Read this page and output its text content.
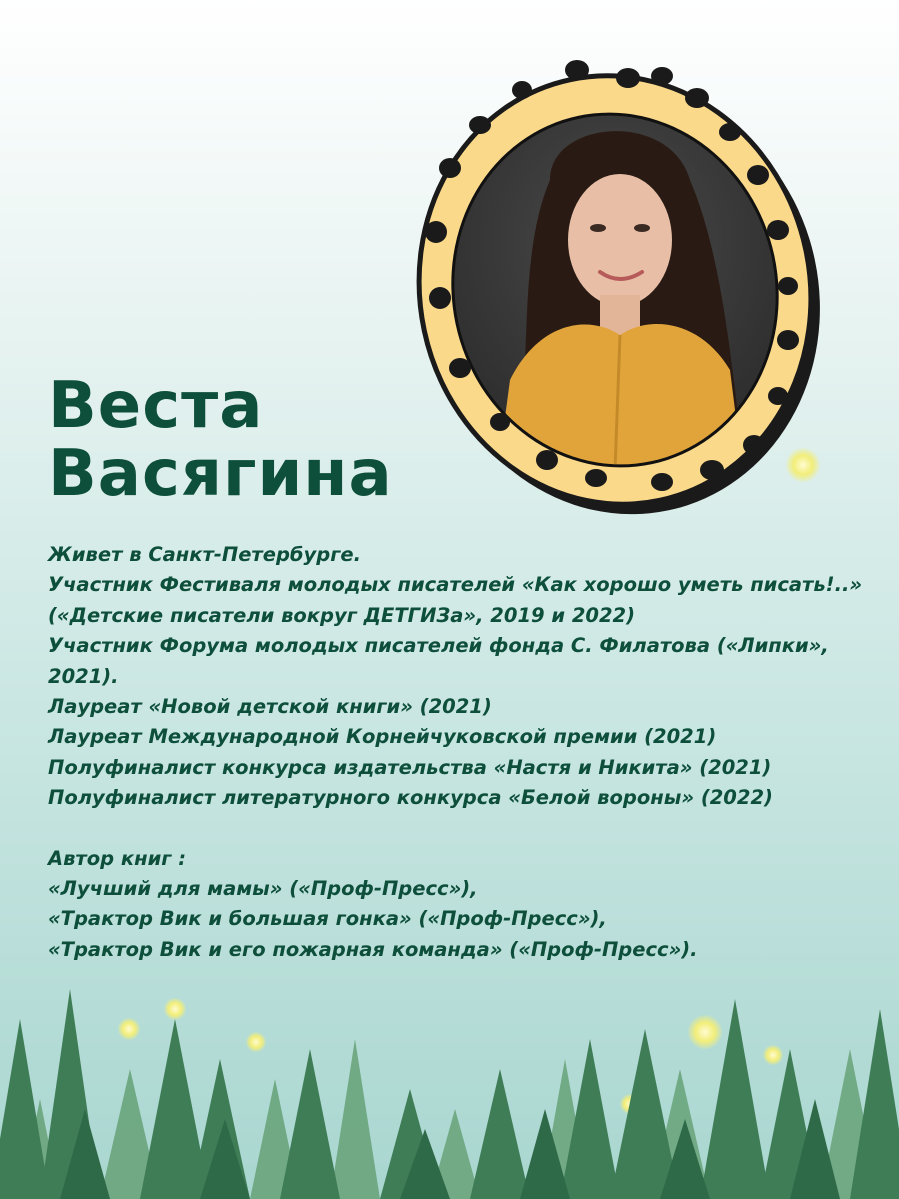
Веста
Васягина

Живет в Санкт-Петербурге.

Участник Фестиваля молодых писателей «Как хорошо уметь писать!..» («Детские писатели вокруг ДЕТГИЗа», 2019 и 2022)

Участник Форума молодых писателей фонда С. Филатова («Липки», 2021).

Лауреат «Новой детской книги» (2021)

Лауреат Международной Корнейчуковской премии (2021)

Полуфиналист конкурса издательства «Настя и Никита» (2021)

Полуфиналист литературного конкурса «Белой вороны» (2022)

Автор книг :

«Лучший для мамы» («Проф-Пресс»),

«Трактор Вик и большая гонка» («Проф-Пресс»),

«Трактор Вик и его пожарная команда» («Проф-Пресс»).
